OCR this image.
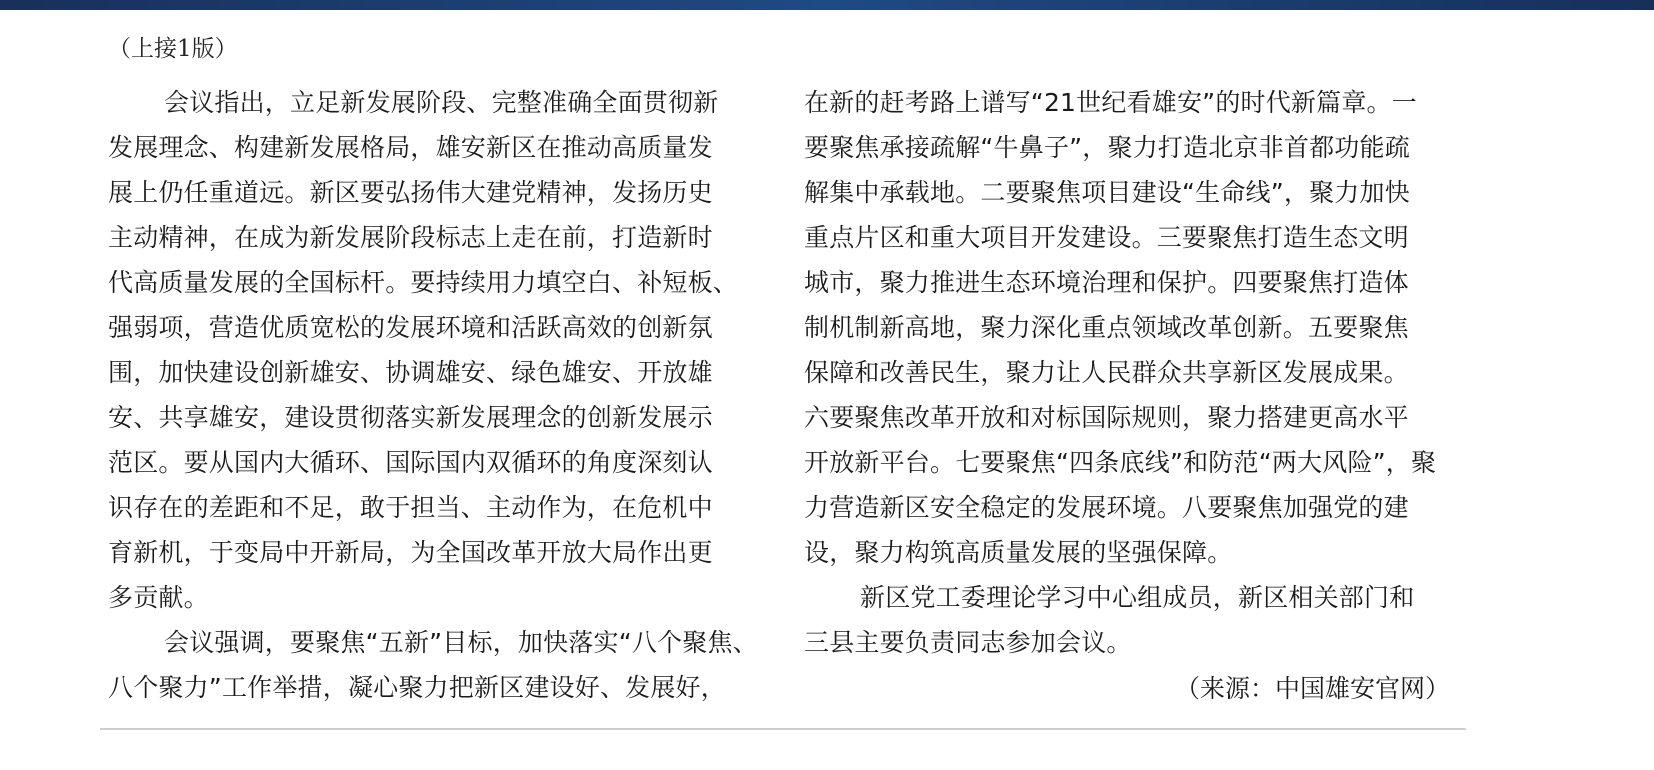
（上接1版）
会议指出，立足新发展阶段、完整准确全面贯彻新
发展理念、构建新发展格局，雄安新区在推动高质量发
展上仍任重道远。新区要弘扬伟大建党精神，发扬历史
主动精神，在成为新发展阶段标志上走在前，打造新时
代高质量发展的全国标杆。要持续用力填空白、补短板、
强弱项，营造优质宽松的发展环境和活跃高效的创新氛
围，加快建设创新雄安、协调雄安、绿色雄安、开放雄
安、共享雄安，建设贯彻落实新发展理念的创新发展示
范区。要从国内大循环、国际国内双循环的角度深刻认
识存在的差距和不足，敢于担当、主动作为，在危机中
育新机，于变局中开新局，为全国改革开放大局作出更
多贡献。
会议强调，要聚焦“五新”目标，加快落实“八个聚焦、
八个聚力”工作举措，凝心聚力把新区建设好、发展好，
在新的赶考路上谱写“21世纪看雄安”的时代新篇章。一
要聚焦承接疏解“牛鼻子”，聚力打造北京非首都功能疏
解集中承载地。二要聚焦项目建设“生命线”，聚力加快
重点片区和重大项目开发建设。三要聚焦打造生态文明
城市，聚力推进生态环境治理和保护。四要聚焦打造体
制机制新高地，聚力深化重点领域改革创新。五要聚焦
保障和改善民生，聚力让人民群众共享新区发展成果。
六要聚焦改革开放和对标国际规则，聚力搭建更高水平
开放新平台。七要聚焦“四条底线”和防范“两大风险”，聚
力营造新区安全稳定的发展环境。八要聚焦加强党的建
设，聚力构筑高质量发展的坚强保障。
新区党工委理论学习中心组成员，新区相关部门和
三县主要负责同志参加会议。
（来源：中国雄安官网）
